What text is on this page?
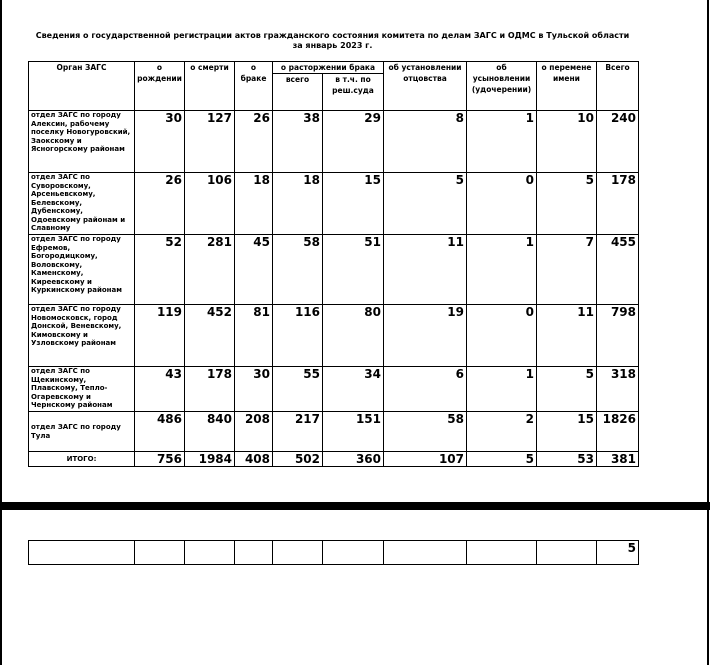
Сведения о государственной регистрации актов гражданского состояния комитета по делам ЗАГС и ОДМС в Тульской области
за январь 2023 г.
Орган ЗАГС	о рождении	о смерти	о браке	о расторжении брака		об установлении отцовства	об усыновлении (удочерении)	о перемене имени	Всего
				всего	в т.ч. по реш.суда				
отдел ЗАГС по городу Алексин, рабочему поселку Новогуровский, Заокскому и Ясногорскому районам	30	127	26	38	29	8	1	10	240
отдел ЗАГС по Суворовскому, Арсеньевскому, Белевскому, Дубенскому, Одоевскому районам и Славному	26	106	18	18	15	5	0	5	178
отдел ЗАГС по городу Ефремов, Богородицкому, Воловскому, Каменскому, Киреевскому и Куркинскому районам	52	281	45	58	51	11	1	7	455
отдел ЗАГС по городу Новомосковск, город Донской, Веневскому, Кимовскому и Узловскому районам	119	452	81	116	80	19	0	11	798
отдел ЗАГС по Щекинскому, Плавскому, Тепло-Огаревскому и Чернскому районам	43	178	30	55	34	6	1	5	318
отдел ЗАГС по городу Тула	486	840	208	217	151	58	2	15	1826
ИТОГО:	756	1984	408	502	360	107	5	53	381
									5
